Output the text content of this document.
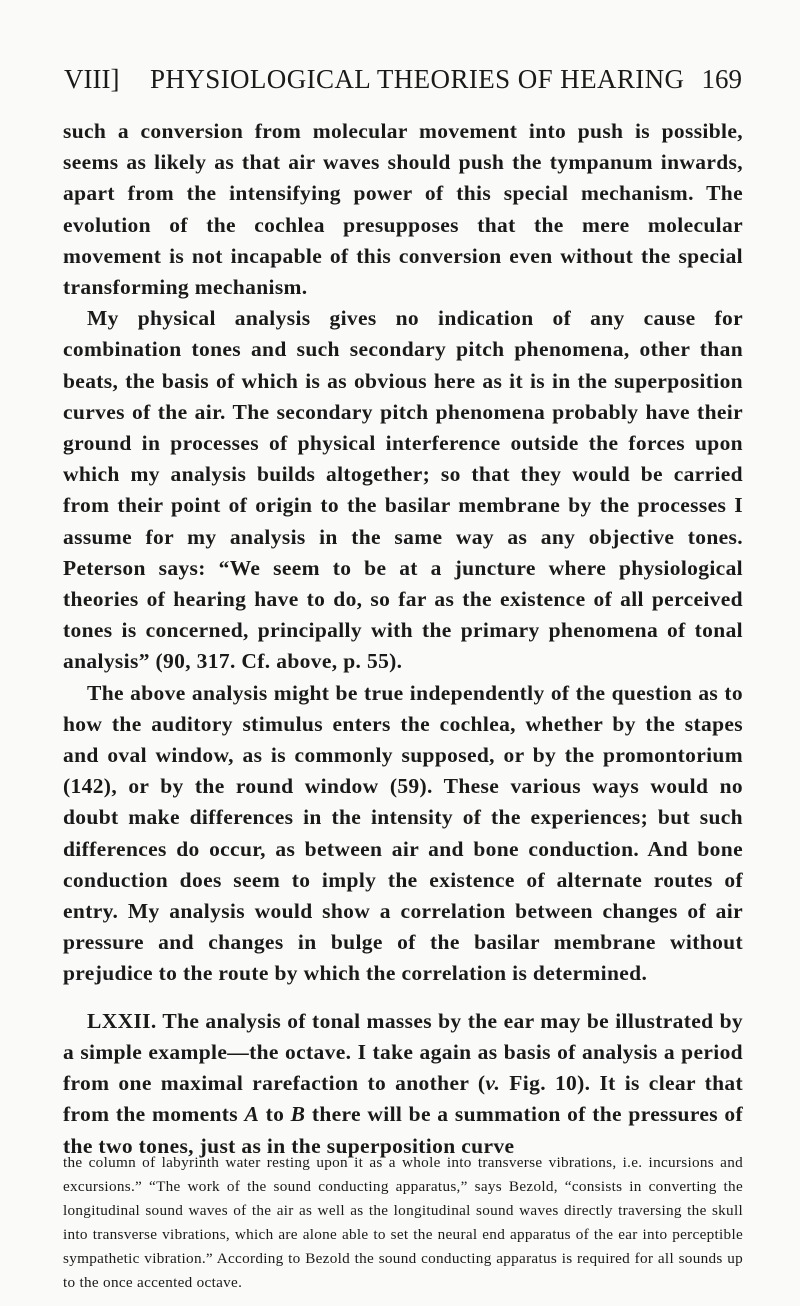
VIII] PHYSIOLOGICAL THEORIES OF HEARING 169

such a conversion from molecular movement into push is possible, seems as likely as that air waves should push the tympanum inwards, apart from the intensifying power of this special mechanism. The evolution of the cochlea presupposes that the mere molecular movement is not incapable of this conversion even without the special transforming mechanism.

My physical analysis gives no indication of any cause for combination tones and such secondary pitch phenomena, other than beats, the basis of which is as obvious here as it is in the superposition curves of the air. The secondary pitch phenomena probably have their ground in processes of physical interference outside the forces upon which my analysis builds altogether; so that they would be carried from their point of origin to the basilar membrane by the processes I assume for my analysis in the same way as any objective tones. Peterson says: “We seem to be at a juncture where physiological theories of hearing have to do, so far as the existence of all perceived tones is concerned, principally with the primary phenomena of tonal analysis” (90, 317. Cf. above, p. 55).

The above analysis might be true independently of the question as to how the auditory stimulus enters the cochlea, whether by the stapes and oval window, as is commonly supposed, or by the promontorium (142), or by the round window (59). These various ways would no doubt make differences in the intensity of the experiences; but such differences do occur, as between air and bone conduction. And bone conduction does seem to imply the existence of alternate routes of entry. My analysis would show a correlation between changes of air pressure and changes in bulge of the basilar membrane without prejudice to the route by which the correlation is determined.

LXXII. The analysis of tonal masses by the ear may be illustrated by a simple example—the octave. I take again as basis of analysis a period from one maximal rarefaction to another (v. Fig. 10). It is clear that from the moments A to B there will be a summation of the pressures of the two tones, just as in the superposition curve

the column of labyrinth water resting upon it as a whole into transverse vibrations, i.e. incursions and excursions.” “The work of the sound conducting apparatus,” says Bezold, “consists in converting the longitudinal sound waves of the air as well as the longitudinal sound waves directly traversing the skull into transverse vibrations, which are alone able to set the neural end apparatus of the ear into perceptible sympathetic vibration.” According to Bezold the sound conducting apparatus is required for all sounds up to the once accented octave.
